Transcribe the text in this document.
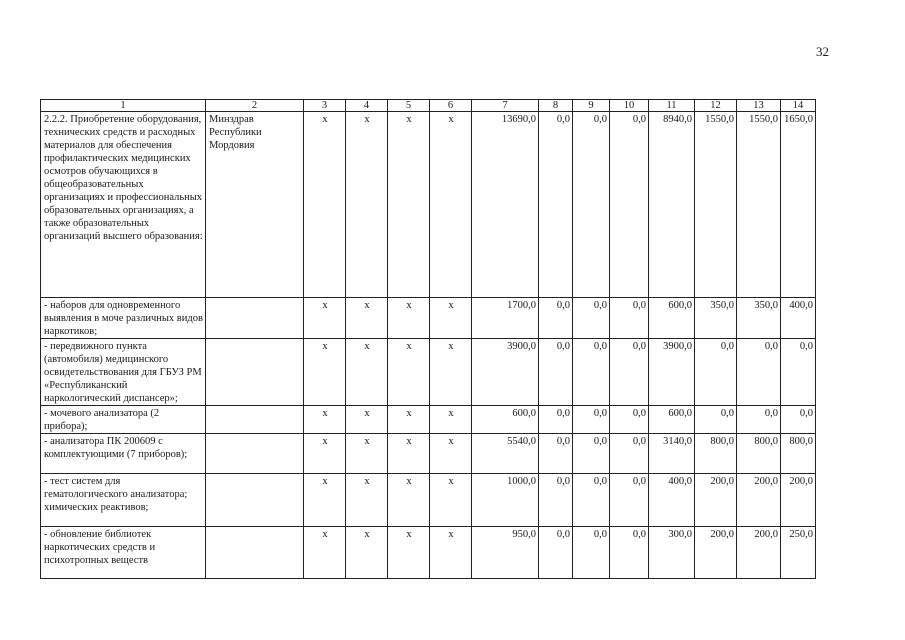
32
1	2	3	4	5	6	7	8	9	10	11	12	13	14
2.2.2. Приобретение оборудования, технических средств и расходных материалов для обеспечения профилактических медицинских осмотров обучающихся в общеобразовательных организациях и профессиональных образовательных организациях, а также образовательных организаций высшего образования:	Минздрав Республики Мордовия	x	x	x	x	13690,0	0,0	0,0	0,0	8940,0	1550,0	1550,0	1650,0
- наборов для одновременного выявления в моче различных видов наркотиков;		x	x	x	x	1700,0	0,0	0,0	0,0	600,0	350,0	350,0	400,0
- передвижного пункта (автомобиля) медицинского освидетельствования для ГБУЗ РМ «Республиканский наркологический диспансер»;		x	x	x	x	3900,0	0,0	0,0	0,0	3900,0	0,0	0,0	0,0
- мочевого анализатора (2 прибора);		x	x	x	x	600,0	0,0	0,0	0,0	600,0	0,0	0,0	0,0
- анализатора ПК 200609 с комплектующими (7 приборов);		x	x	x	x	5540,0	0,0	0,0	0,0	3140,0	800,0	800,0	800,0
- тест систем для гематологического анализатора; химических реактивов;		x	x	x	x	1000,0	0,0	0,0	0,0	400,0	200,0	200,0	200,0
- обновление библиотек наркотических средств и психотропных веществ		x	x	x	x	950,0	0,0	0,0	0,0	300,0	200,0	200,0	250,0
